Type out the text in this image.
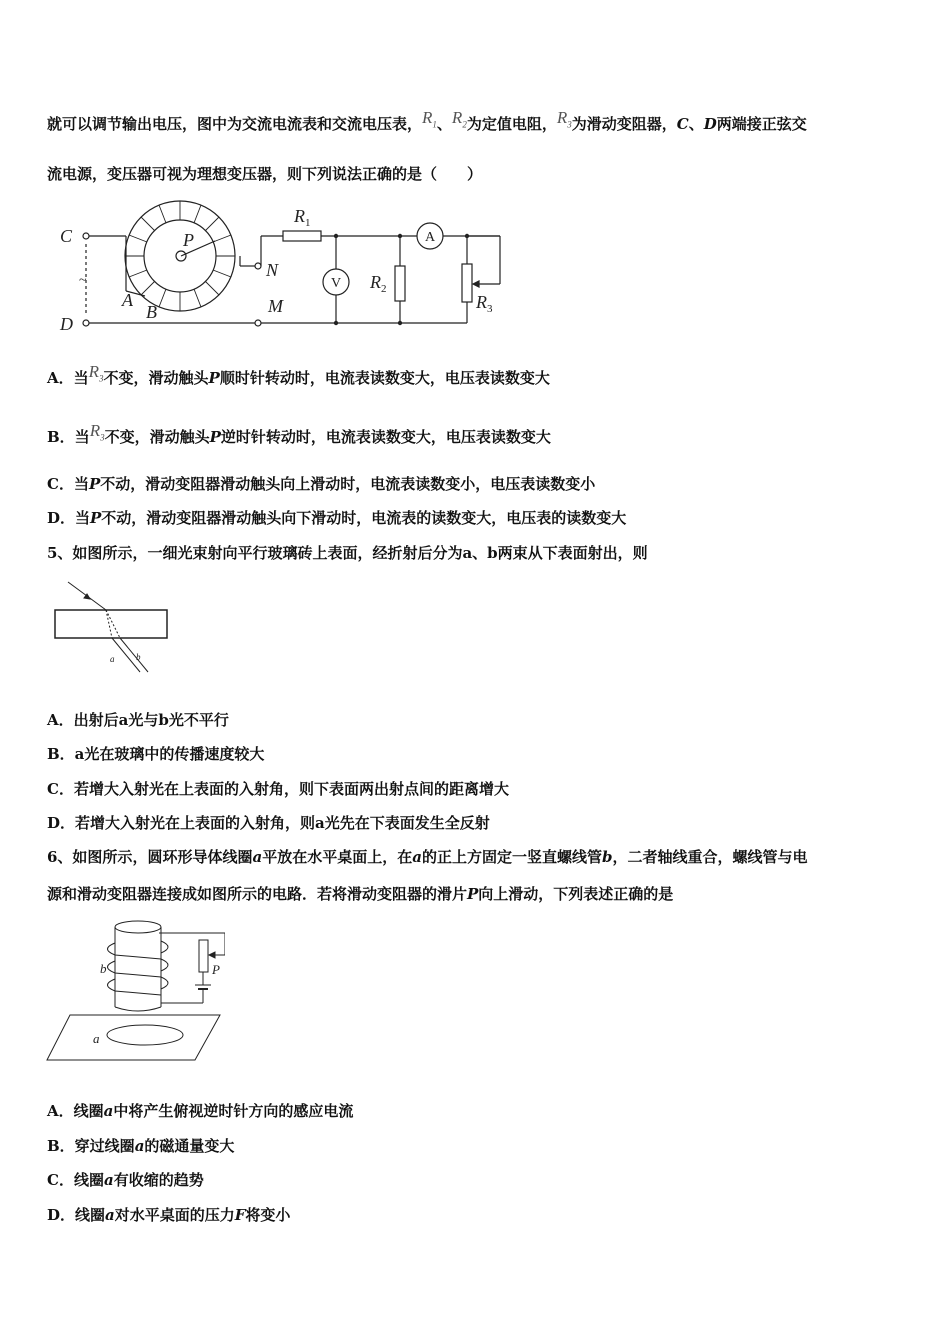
就可以调节输出电压，图中为交流电流表和交流电压表，$R_1$、$R_2$为定值电阻，$R_3$为滑动变阻器，C、D两端接正弦交
流电源，变压器可视为理想变压器，则下列说法正确的是（　　）
C
D
A
B
P
N
M
$R_1$
$R_2$
$R_3$
A
V
~
A．当$R_3$不变，滑动触头P顺时针转动时，电流表读数变大，电压表读数变大
B．当$R_3$不变，滑动触头P逆时针转动时，电流表读数变大，电压表读数变大
C．当P不动，滑动变阻器滑动触头向上滑动时，电流表读数变小，电压表读数变小
D．当P不动，滑动变阻器滑动触头向下滑动时，电流表的读数变大，电压表的读数变大
5、如图所示，一细光束射向平行玻璃砖上表面，经折射后分为a、b两束从下表面射出，则
a b
A．出射后a光与b光不平行
B．a光在玻璃中的传播速度较大
C．若增大入射光在上表面的入射角，则下表面两出射点间的距离增大
D．若增大入射光在上表面的入射角，则a光先在下表面发生全反射
6、如图所示，圆环形导体线圈a平放在水平桌面上，在a的正上方固定一竖直螺线管b，二者轴线重合，螺线管与电
源和滑动变阻器连接成如图所示的电路．若将滑动变阻器的滑片P向上滑动，下列表述正确的是
b
a
P
A．线圈a中将产生俯视逆时针方向的感应电流
B．穿过线圈a的磁通量变大
C．线圈a有收缩的趋势
D．线圈a对水平桌面的压力F将变小
